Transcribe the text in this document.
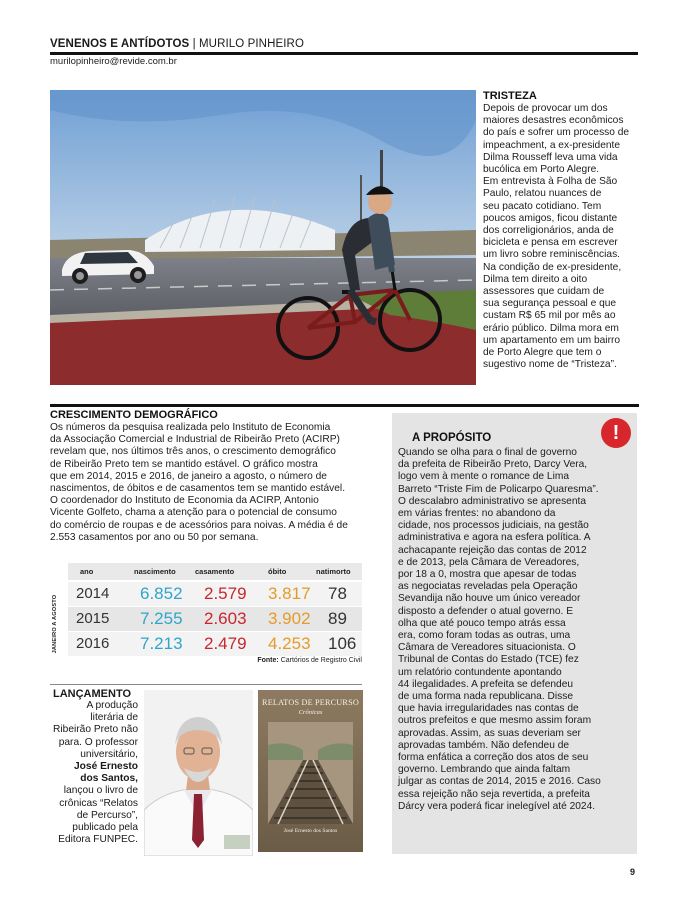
VENENOS E ANTÍDOTOS | MURILO PINHEIRO
murilopinheiro@revide.com.br
TRISTEZA
Depois de provocar um dos
maiores desastres econômicos
do país e sofrer um processo de
impeachment, a ex-presidente
Dilma Rousseff leva uma vida
bucólica em Porto Alegre.
Em entrevista à Folha de São
Paulo, relatou nuances de
seu pacato cotidiano. Tem
poucos amigos, ficou distante
dos correligionários, anda de
bicicleta e pensa em escrever
um livro sobre reminiscências.
Na condição de ex-presidente,
Dilma tem direito a oito
assessores que cuidam de
sua segurança pessoal e que
custam R$ 65 mil por mês ao
erário público. Dilma mora em
um apartamento em um bairro
de Porto Alegre que tem o
sugestivo nome de “Tristeza”.
CRESCIMENTO DEMOGRÁFICO
Os números da pesquisa realizada pelo Instituto de Economia
da Associação Comercial e Industrial de Ribeirão Preto (ACIRP)
revelam que, nos últimos três anos, o crescimento demográfico
de Ribeirão Preto tem se mantido estável. O gráfico mostra
que em 2014, 2015 e 2016, de janeiro a agosto, o número de
nascimentos, de óbitos e de casamentos tem se mantido estável.
O coordenador do Instituto de Economia da ACIRP, Antonio
Vicente Golfeto, chama a atenção para o potencial de consumo
do comércio de roupas e de acessórios para noivas. A média é de
2.553 casamentos por ano ou 50 por semana.
JANEIRO A AGOSTO
ano	nascimento	casamento	óbito	natimorto
2014 6.852 2.579 3.817 78
2015 7.255 2.603 3.902 89
2016 7.213 2.479 4.253 106
Fonte: Cartórios de Registro Civil
LANÇAMENTO
A produção
literária de
Ribeirão Preto não
para. O professor
universitário,
José Ernesto
dos Santos,
lançou o livro de
crônicas “Relatos
de Percurso”,
publicado pela
Editora FUNPEC.
RELATOS DE PERCURSO
Crônicas
José Ernesto dos Santos
!
A PROPÓSITO
Quando se olha para o final de governo
da prefeita de Ribeirão Preto, Darcy Vera,
logo vem à mente o romance de Lima
Barreto “Triste Fim de Policarpo Quaresma”.
O descalabro administrativo se apresenta
em várias frentes: no abandono da
cidade, nos processos judiciais, na gestão
administrativa e agora na esfera política. A
achacapante rejeição das contas de 2012
e de 2013, pela Câmara de Vereadores,
por 18 a 0, mostra que apesar de todas
as negociatas reveladas pela Operação
Sevandija não houve um único vereador
disposto a defender o atual governo. E
olha que até pouco tempo atrás essa
era, como foram todas as outras, uma
Câmara de Vereadores situacionista. O
Tribunal de Contas do Estado (TCE) fez
um relatório contundente apontando
44 ilegalidades. A prefeita se defendeu
de uma forma nada republicana. Disse
que havia irregularidades nas contas de
outros prefeitos e que mesmo assim foram
aprovadas. Assim, as suas deveriam ser
aprovadas também. Não defendeu de
forma enfática a correção dos atos de seu
governo. Lembrando que ainda faltam
julgar as contas de 2014, 2015 e 2016. Caso
essa rejeição não seja revertida, a prefeita
Dárcy vera poderá ficar inelegível até 2024.
9
